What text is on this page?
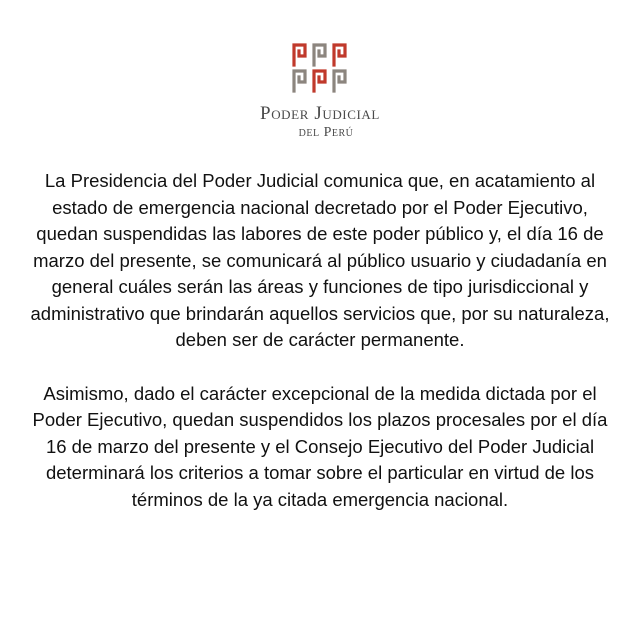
Poder Judicial
del Perú

La Presidencia del Poder Judicial comunica que, en acatamiento al estado de emergencia nacional decretado por el Poder Ejecutivo, quedan suspendidas las labores de este poder público y, el día 16 de marzo del presente, se comunicará al público usuario y ciudadanía en general cuáles serán las áreas y funciones de tipo jurisdiccional y administrativo que brindarán aquellos servicios que, por su naturaleza, deben ser de carácter permanente.

Asimismo, dado el carácter excepcional de la medida dictada por el Poder Ejecutivo, quedan suspendidos los plazos procesales por el día 16 de marzo del presente y el Consejo Ejecutivo del Poder Judicial determinará los criterios a tomar sobre el particular en virtud de los términos de la ya citada emergencia nacional.
